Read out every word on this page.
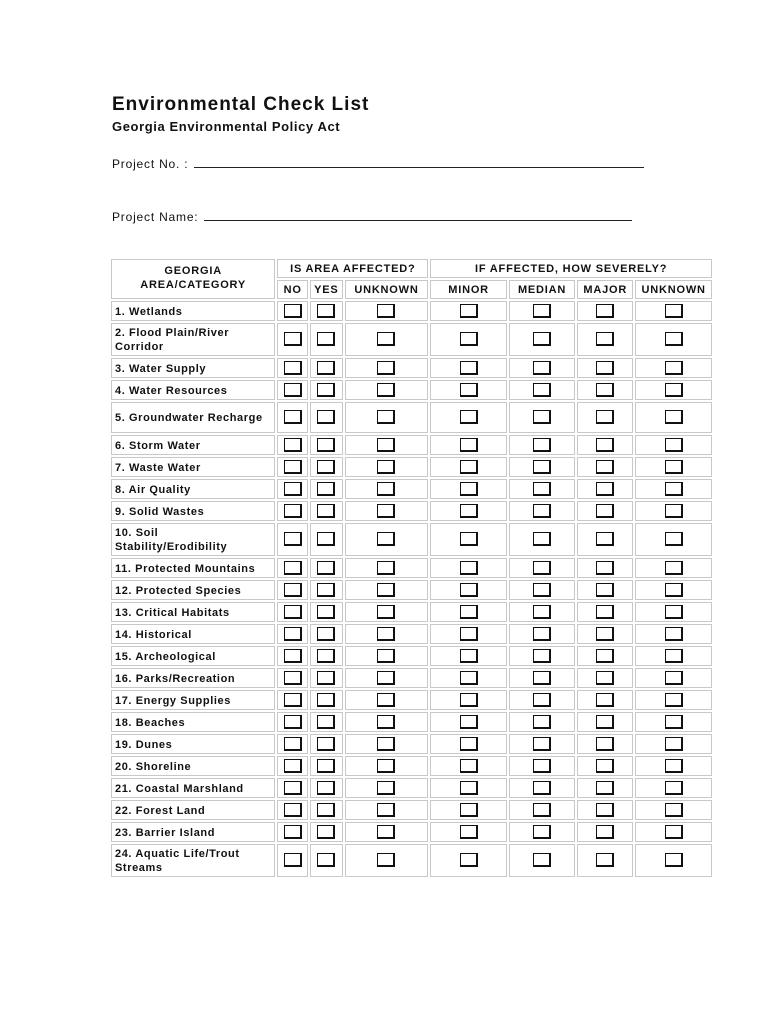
Environmental Check List
Georgia Environmental Policy Act
Project No. :
Project Name:
GEORGIA AREA/CATEGORY	IS AREA AFFECTED?			IF AFFECTED, HOW SEVERELY?			
	NO	YES	UNKNOWN	MINOR	MEDIAN	MAJOR	UNKNOWN
1. Wetlands							
2. Flood Plain/River Corridor							
3. Water Supply							
4. Water Resources							
5. Groundwater Recharge							
6. Storm Water							
7. Waste Water							
8. Air Quality							
9. Solid Wastes							
10. Soil Stability/Erodibility							
11. Protected Mountains							
12. Protected Species							
13. Critical Habitats							
14. Historical							
15. Archeological							
16. Parks/Recreation							
17. Energy Supplies							
18. Beaches							
19. Dunes							
20. Shoreline							
21. Coastal Marshland							
22. Forest Land							
23. Barrier Island							
24. Aquatic Life/Trout Streams							
